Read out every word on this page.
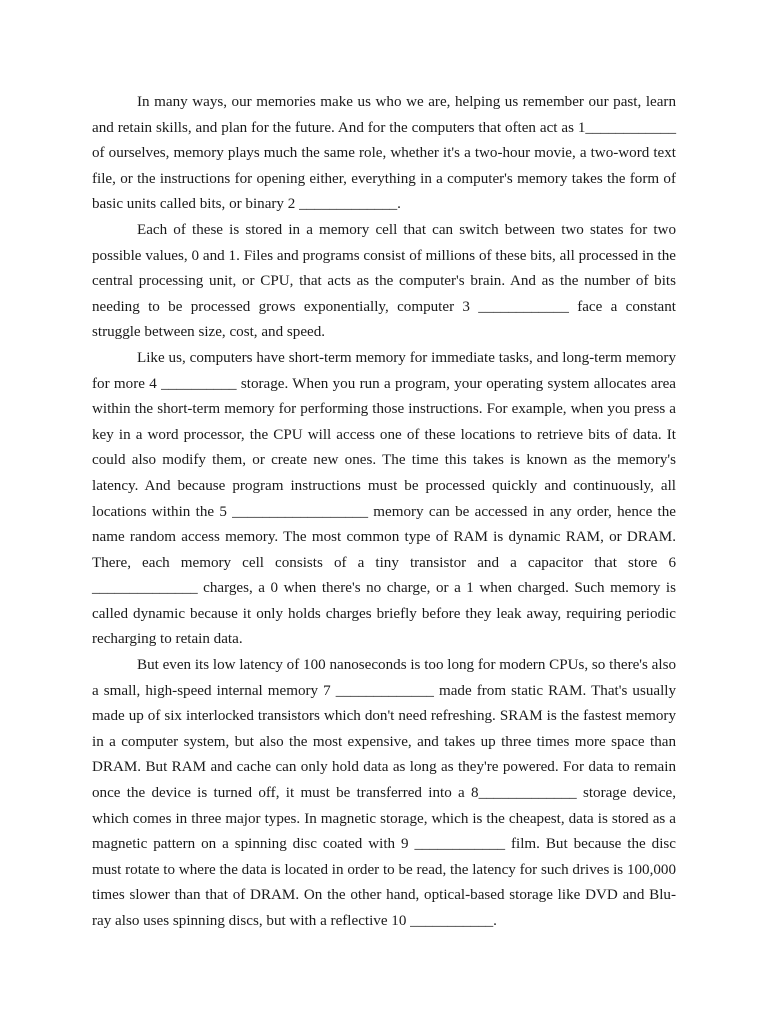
In many ways, our memories make us who we are, helping us remember our past, learn and retain skills, and plan for the future. And for the computers that often act as 1____________ of ourselves, memory plays much the same role, whether it's a two-hour movie, a two-word text file, or the instructions for opening either, everything in a computer's memory takes the form of basic units called bits, or binary 2 _____________.

Each of these is stored in a memory cell that can switch between two states for two possible values, 0 and 1. Files and programs consist of millions of these bits, all processed in the central processing unit, or CPU, that acts as the computer's brain. And as the number of bits needing to be processed grows exponentially, computer 3 ____________ face a constant struggle between size, cost, and speed.

Like us, computers have short-term memory for immediate tasks, and long-term memory for more 4 __________ storage. When you run a program, your operating system allocates area within the short-term memory for performing those instructions. For example, when you press a key in a word processor, the CPU will access one of these locations to retrieve bits of data. It could also modify them, or create new ones. The time this takes is known as the memory's latency. And because program instructions must be processed quickly and continuously, all locations within the 5 __________________ memory can be accessed in any order, hence the name random access memory. The most common type of RAM is dynamic RAM, or DRAM. There, each memory cell consists of a tiny transistor and a capacitor that store 6 ______________ charges, a 0 when there's no charge, or a 1 when charged. Such memory is called dynamic because it only holds charges briefly before they leak away, requiring periodic recharging to retain data.

But even its low latency of 100 nanoseconds is too long for modern CPUs, so there's also a small, high-speed internal memory 7 _____________ made from static RAM. That's usually made up of six interlocked transistors which don't need refreshing. SRAM is the fastest memory in a computer system, but also the most expensive, and takes up three times more space than DRAM. But RAM and cache can only hold data as long as they're powered. For data to remain once the device is turned off, it must be transferred into a 8_____________ storage device, which comes in three major types. In magnetic storage, which is the cheapest, data is stored as a magnetic pattern on a spinning disc coated with 9 ____________ film. But because the disc must rotate to where the data is located in order to be read, the latency for such drives is 100,000 times slower than that of DRAM. On the other hand, optical-based storage like DVD and Blu-ray also uses spinning discs, but with a reflective 10 ___________.
